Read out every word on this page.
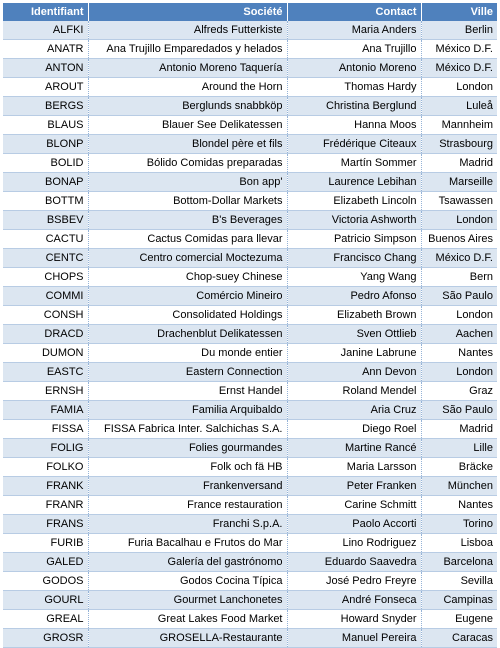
Identifiant	Société	Contact	Ville
ALFKI	Alfreds Futterkiste	Maria Anders	Berlin
ANATR	Ana Trujillo Emparedados y helados	Ana Trujillo	México D.F.
ANTON	Antonio Moreno Taquería	Antonio Moreno	México D.F.
AROUT	Around the Horn	Thomas Hardy	London
BERGS	Berglunds snabbköp	Christina Berglund	Luleå
BLAUS	Blauer See Delikatessen	Hanna Moos	Mannheim
BLONP	Blondel père et fils	Frédérique Citeaux	Strasbourg
BOLID	Bólido Comidas preparadas	Martín Sommer	Madrid
BONAP	Bon app'	Laurence Lebihan	Marseille
BOTTM	Bottom-Dollar Markets	Elizabeth Lincoln	Tsawassen
BSBEV	B's Beverages	Victoria Ashworth	London
CACTU	Cactus Comidas para llevar	Patricio Simpson	Buenos Aires
CENTC	Centro comercial Moctezuma	Francisco Chang	México D.F.
CHOPS	Chop-suey Chinese	Yang Wang	Bern
COMMI	Comércio Mineiro	Pedro Afonso	São Paulo
CONSH	Consolidated Holdings	Elizabeth Brown	London
DRACD	Drachenblut Delikatessen	Sven Ottlieb	Aachen
DUMON	Du monde entier	Janine Labrune	Nantes
EASTC	Eastern Connection	Ann Devon	London
ERNSH	Ernst Handel	Roland Mendel	Graz
FAMIA	Familia Arquibaldo	Aria Cruz	São Paulo
FISSA	FISSA Fabrica Inter. Salchichas S.A.	Diego Roel	Madrid
FOLIG	Folies gourmandes	Martine Rancé	Lille
FOLKO	Folk och fä HB	Maria Larsson	Bräcke
FRANK	Frankenversand	Peter Franken	München
FRANR	France restauration	Carine Schmitt	Nantes
FRANS	Franchi S.p.A.	Paolo Accorti	Torino
FURIB	Furia Bacalhau e Frutos do Mar	Lino Rodriguez	Lisboa
GALED	Galería del gastrónomo	Eduardo Saavedra	Barcelona
GODOS	Godos Cocina Típica	José Pedro Freyre	Sevilla
GOURL	Gourmet Lanchonetes	André Fonseca	Campinas
GREAL	Great Lakes Food Market	Howard Snyder	Eugene
GROSR	GROSELLA-Restaurante	Manuel Pereira	Caracas
